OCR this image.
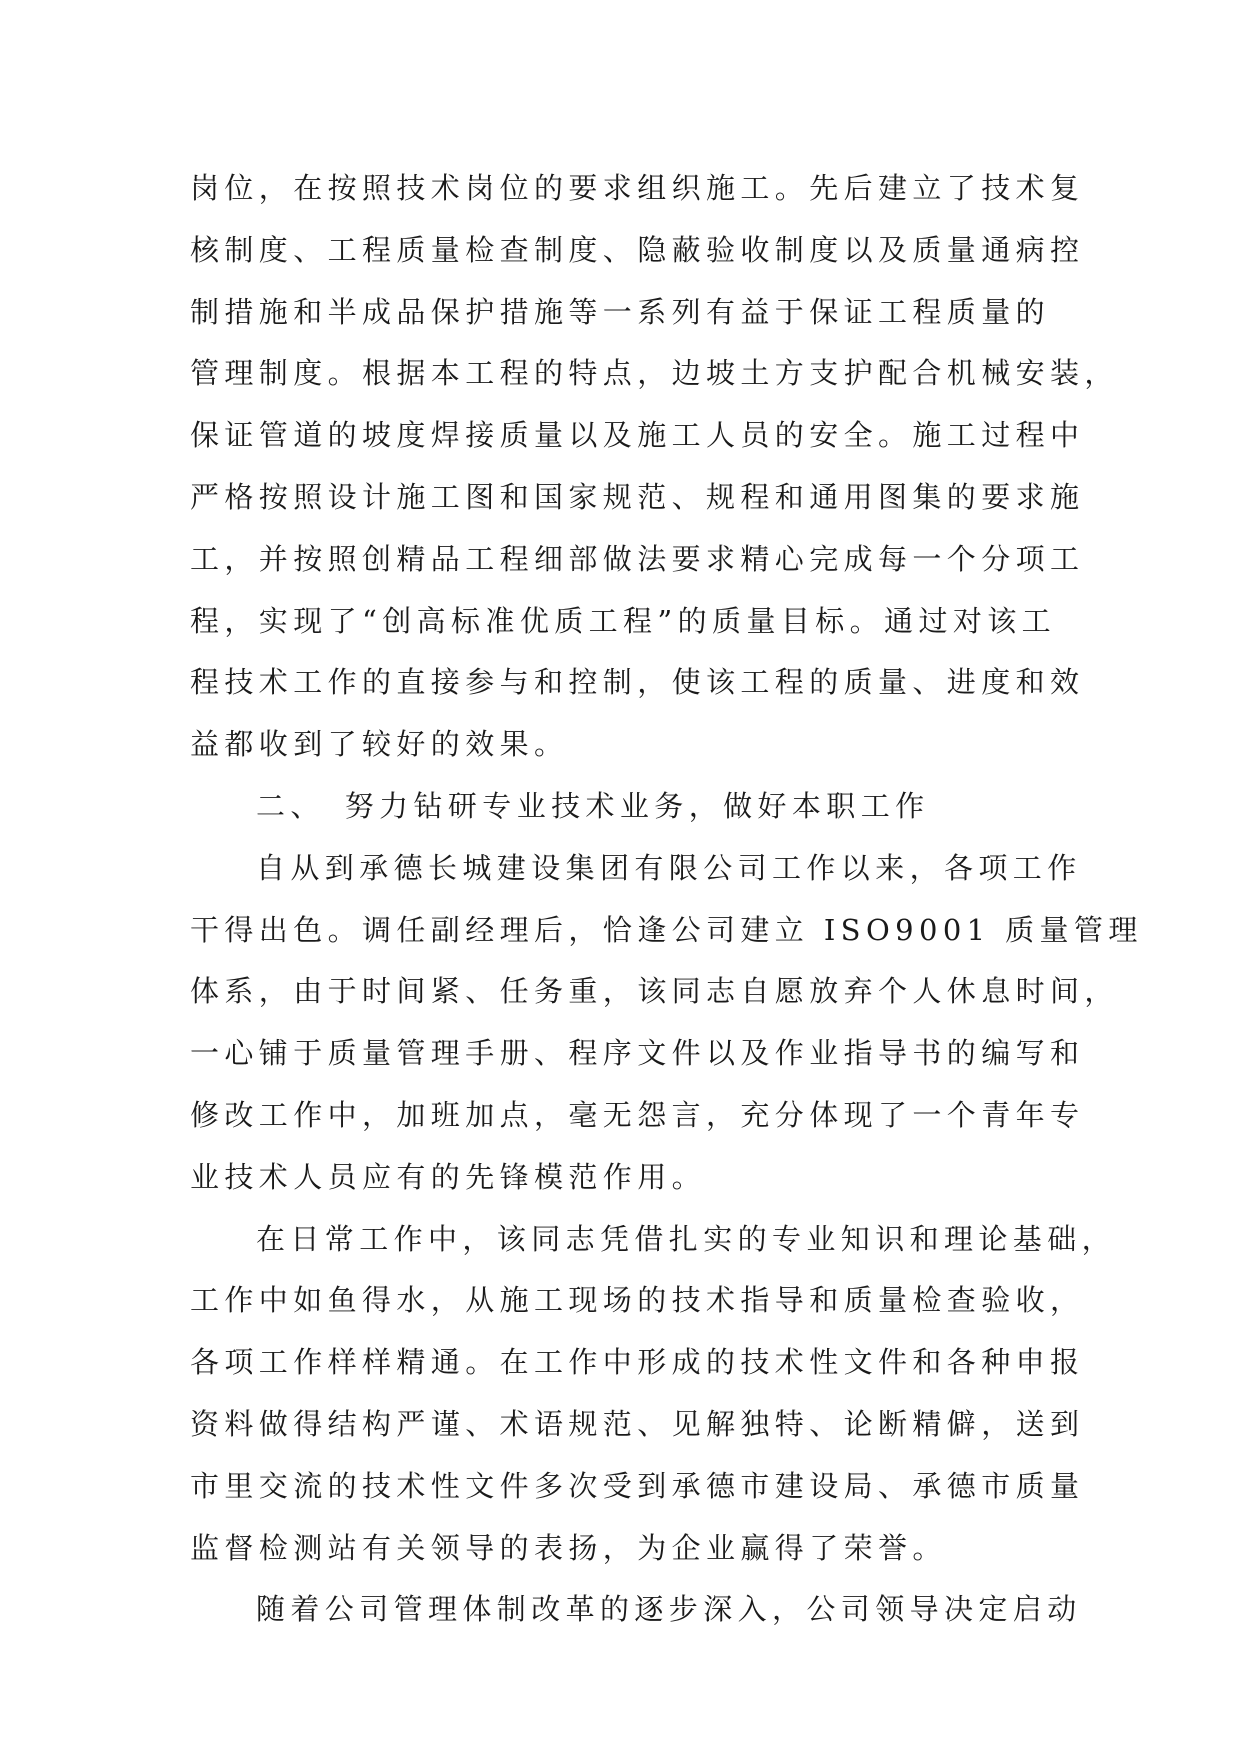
岗位，在按照技术岗位的要求组织施工。先后建立了技术复
核制度、工程质量检查制度、隐蔽验收制度以及质量通病控
制措施和半成品保护措施等一系列有益于保证工程质量的
管理制度。根据本工程的特点，边坡土方支护配合机械安装，
保证管道的坡度焊接质量以及施工人员的安全。施工过程中
严格按照设计施工图和国家规范、规程和通用图集的要求施
工，并按照创精品工程细部做法要求精心完成每一个分项工
程，实现了“创高标准优质工程”的质量目标。通过对该工
程技术工作的直接参与和控制，使该工程的质量、进度和效
益都收到了较好的效果。
二、　努力钻研专业技术业务，做好本职工作
自从到承德长城建设集团有限公司工作以来，各项工作
干得出色。调任副经理后，恰逢公司建立 ISO9001 质量管理
体系，由于时间紧、任务重，该同志自愿放弃个人休息时间，
一心铺于质量管理手册、程序文件以及作业指导书的编写和
修改工作中，加班加点，毫无怨言，充分体现了一个青年专
业技术人员应有的先锋模范作用。
在日常工作中，该同志凭借扎实的专业知识和理论基础，
工作中如鱼得水，从施工现场的技术指导和质量检查验收，
各项工作样样精通。在工作中形成的技术性文件和各种申报
资料做得结构严谨、术语规范、见解独特、论断精僻，送到
市里交流的技术性文件多次受到承德市建设局、承德市质量
监督检测站有关领导的表扬，为企业赢得了荣誉。
随着公司管理体制改革的逐步深入，公司领导决定启动
